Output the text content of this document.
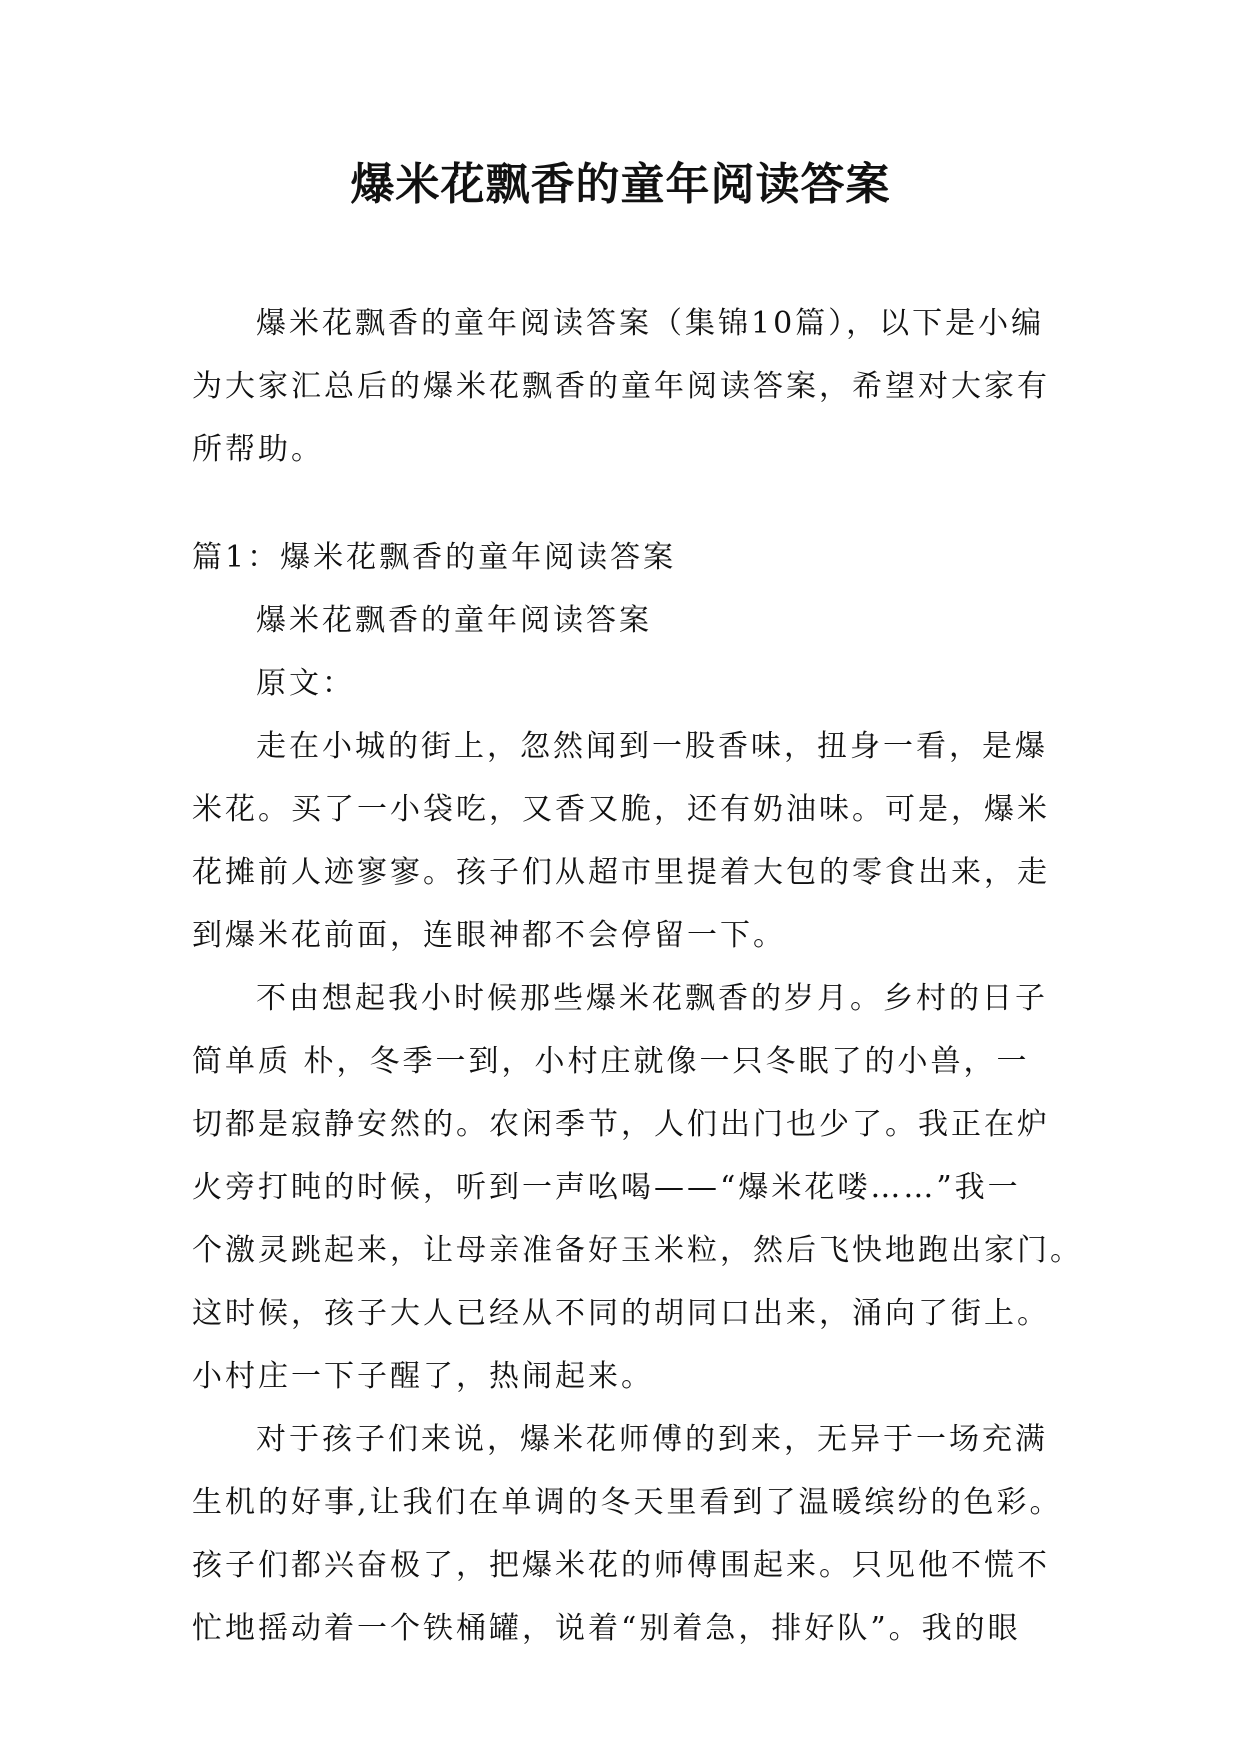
爆米花飘香的童年阅读答案
爆米花飘香的童年阅读答案（集锦10篇），以下是小编
为大家汇总后的爆米花飘香的童年阅读答案，希望对大家有
所帮助。
篇1：爆米花飘香的童年阅读答案
爆米花飘香的童年阅读答案
原文：
走在小城的街上，忽然闻到一股香味，扭身一看，是爆
米花。买了一小袋吃，又香又脆，还有奶油味。可是，爆米
花摊前人迹寥寥。孩子们从超市里提着大包的零食出来，走
到爆米花前面，连眼神都不会停留一下。
不由想起我小时候那些爆米花飘香的岁月。乡村的日子
简单质 朴，冬季一到，小村庄就像一只冬眠了的小兽，一
切都是寂静安然的。农闲季节，人们出门也少了。我正在炉
火旁打盹的时候，听到一声吆喝——“爆米花喽……”我一
个激灵跳起来，让母亲准备好玉米粒，然后飞快地跑出家门。
这时候，孩子大人已经从不同的胡同口出来，涌向了街上。
小村庄一下子醒了，热闹起来。
对于孩子们来说，爆米花师傅的到来，无异于一场充满
生机的好事,让我们在单调的冬天里看到了温暖缤纷的色彩。
孩子们都兴奋极了，把爆米花的师傅围起来。只见他不慌不
忙地摇动着一个铁桶罐，说着“别着急，排好队”。我的眼
